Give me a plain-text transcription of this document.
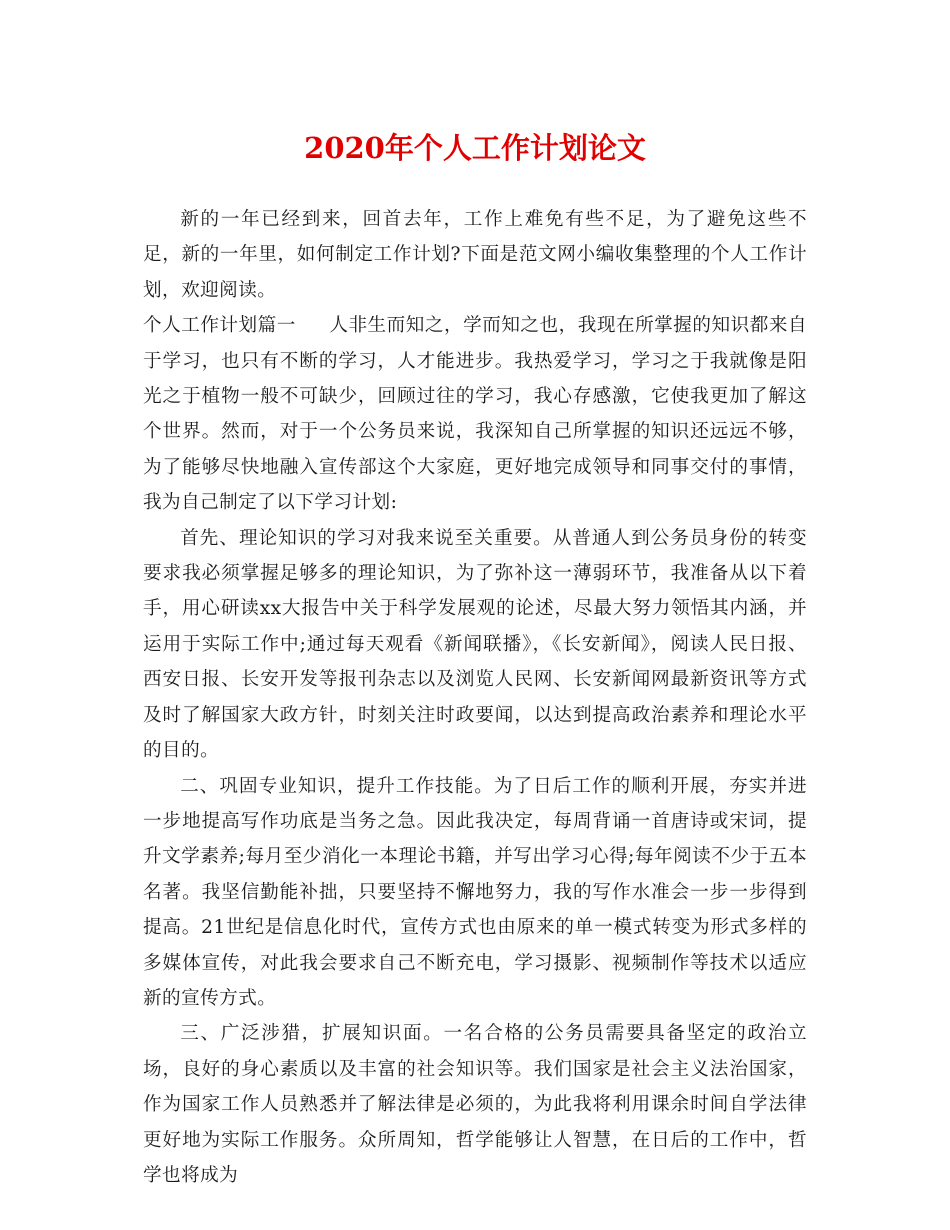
2020年个人工作计划论文

新的一年已经到来，回首去年，工作上难免有些不足，为了避免这些不足，新的一年里，如何制定工作计划?下面是范文网小编收集整理的个人工作计划，欢迎阅读。

个人工作计划篇一 人非生而知之，学而知之也，我现在所掌握的知识都来自于学习，也只有不断的学习，人才能进步。我热爱学习，学习之于我就像是阳光之于植物一般不可缺少，回顾过往的学习，我心存感激，它使我更加了解这个世界。然而，对于一个公务员来说，我深知自己所掌握的知识还远远不够，为了能够尽快地融入宣传部这个大家庭，更好地完成领导和同事交付的事情，我为自己制定了以下学习计划:

首先、理论知识的学习对我来说至关重要。从普通人到公务员身份的转变要求我必须掌握足够多的理论知识，为了弥补这一薄弱环节，我准备从以下着手，用心研读xx大报告中关于科学发展观的论述，尽最大努力领悟其内涵，并运用于实际工作中;通过每天观看《新闻联播》，《长安新闻》，阅读人民日报、西安日报、长安开发等报刊杂志以及浏览人民网、长安新闻网最新资讯等方式及时了解国家大政方针，时刻关注时政要闻，以达到提高政治素养和理论水平的目的。

二、巩固专业知识，提升工作技能。为了日后工作的顺利开展，夯实并进一步地提高写作功底是当务之急。因此我决定，每周背诵一首唐诗或宋词，提升文学素养;每月至少消化一本理论书籍，并写出学习心得;每年阅读不少于五本名著。我坚信勤能补拙，只要坚持不懈地努力，我的写作水准会一步一步得到提高。21世纪是信息化时代，宣传方式也由原来的单一模式转变为形式多样的多媒体宣传，对此我会要求自己不断充电，学习摄影、视频制作等技术以适应新的宣传方式。

三、广泛涉猎，扩展知识面。一名合格的公务员需要具备坚定的政治立场，良好的身心素质以及丰富的社会知识等。我们国家是社会主义法治国家，作为国家工作人员熟悉并了解法律是必须的，为此我将利用课余时间自学法律更好地为实际工作服务。众所周知，哲学能够让人智慧，在日后的工作中，哲学也将成为
